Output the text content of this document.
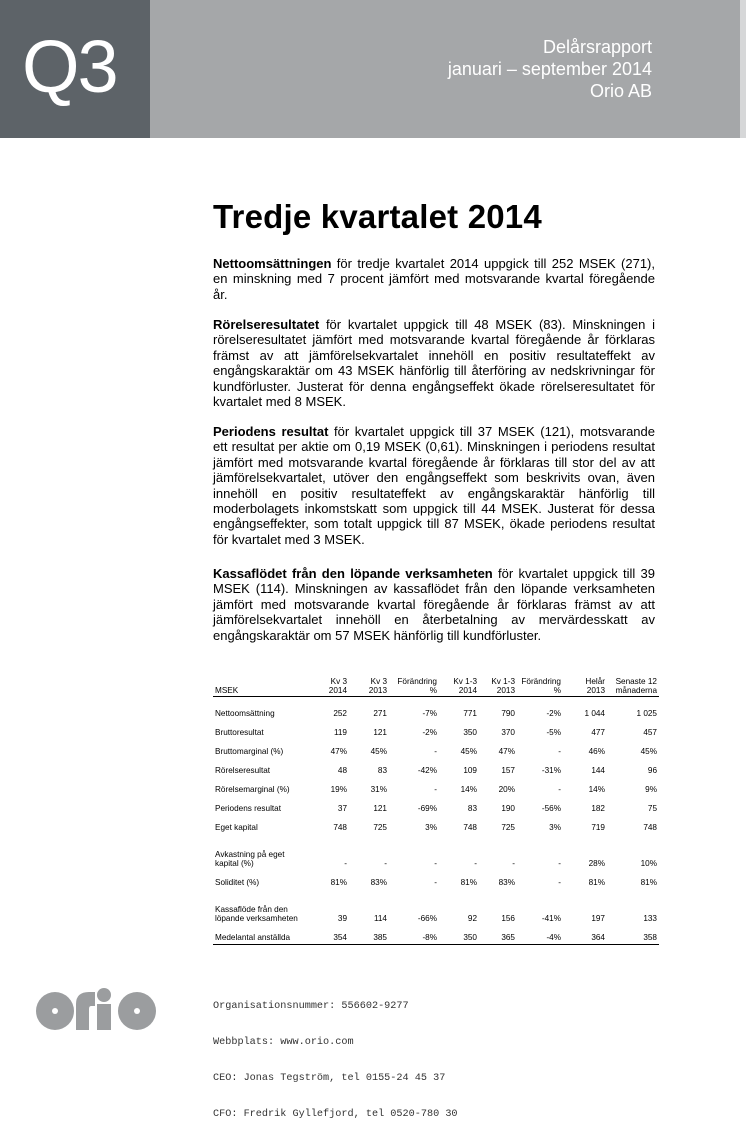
Q3	Delårsrapport
januari – september 2014
Orio AB
Tredje kvartalet 2014
Nettoomsättningen för tredje kvartalet 2014 uppgick till 252 MSEK (271), en minskning med 7 procent jämfört med motsvarande kvartal föregående år.
Rörelseresultatet för kvartalet uppgick till 48 MSEK (83). Minskningen i rörelseresultatet jämfört med motsvarande kvartal föregående år förklaras främst av att jämförelsekvartalet innehöll en positiv resultateffekt av engångskaraktär om 43 MSEK hänförlig till återföring av nedskrivningar för kundförluster. Justerat för denna engångseffekt ökade rörelseresultatet för kvartalet med 8 MSEK.
Periodens resultat för kvartalet uppgick till 37 MSEK (121), motsvarande ett resultat per aktie om 0,19 MSEK (0,61). Minskningen i periodens resultat jämfört med motsvarande kvartal föregående år förklaras till stor del av att jämförelsekvartalet, utöver den engångseffekt som beskrivits ovan, även innehöll en positiv resultateffekt av engångskaraktär hänförlig till moderbolagets inkomstskatt som uppgick till 44 MSEK. Justerat för dessa engångseffekter, som totalt uppgick till 87 MSEK, ökade periodens resultat för kvartalet med 3 MSEK.
Kassaflödet från den löpande verksamheten för kvartalet uppgick till 39 MSEK (114). Minskningen av kassaflödet från den löpande verksamheten jämfört med motsvarande kvartal föregående år förklaras främst av att jämförelsekvartalet innehöll en återbetalning av mervärdesskatt av engångskaraktär om 57 MSEK hänförlig till kundförluster.
MSEK	Kv 3 2014	Kv 3 2013	Förändring %	Kv 1-3 2014	Kv 1-3 2013	Förändring %	Helår 2013	Senaste 12 månaderna
Nettoomsättning	252	271	-7%	771	790	-2%	1 044	1 025
Bruttoresultat	119	121	-2%	350	370	-5%	477	457
Bruttomarginal (%)	47%	45%	-	45%	47%	-	46%	45%
Rörelseresultat	48	83	-42%	109	157	-31%	144	96
Rörelsemarginal (%)	19%	31%	-	14%	20%	-	14%	9%
Periodens resultat	37	121	-69%	83	190	-56%	182	75
Eget kapital	748	725	3%	748	725	3%	719	748
Avkastning på eget kapital (%)	-	-	-	-	-	-	28%	10%
Soliditet (%)	81%	83%	-	81%	83%	-	81%	81%
Kassaflöde från den löpande verksamheten	39	114	-66%	92	156	-41%	197	133
Medelantal anställda	354	385	-8%	350	365	-4%	364	358

Organisationsnummer: 556602-9277

Webbplats: www.orio.com

CEO: Jonas Tegström, tel 0155-24 45 37

CFO: Fredrik Gyllefjord, tel 0520-780 30
